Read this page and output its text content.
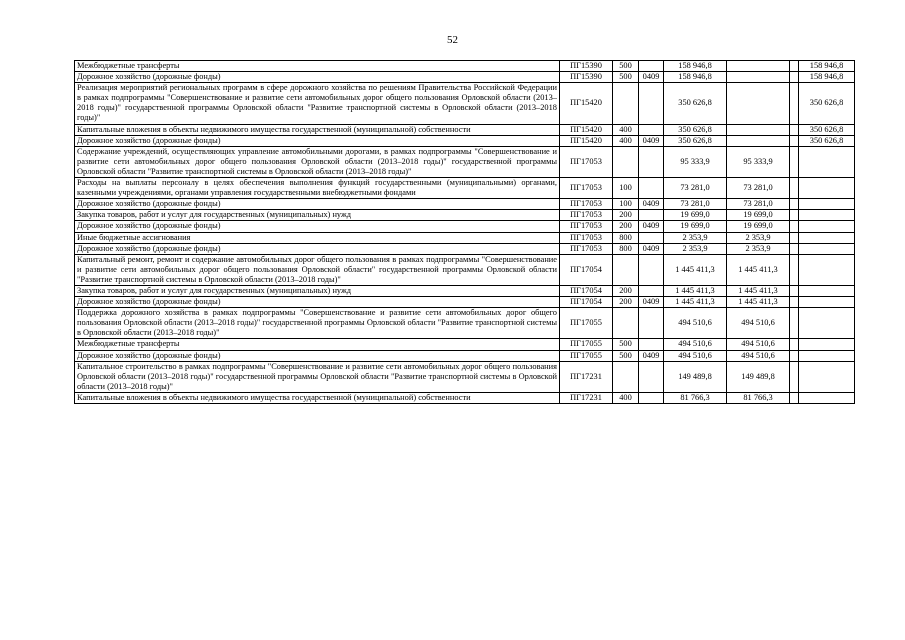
52
Межбюджетные трансферты	ПГ15390	500		158 946,8			158 946,8
Дорожное хозяйство (дорожные фонды)	ПГ15390	500	0409	158 946,8			158 946,8
Реализация мероприятий региональных программ в сфере дорожного хозяйства по решениям Правительства Российской Федерации в рамках подпрограммы "Совершенствование и развитие сети автомобильных дорог общего пользования Орловской области (2013–2018 годы)" государственной программы Орловской области "Развитие транспортной системы в Орловской области (2013–2018 годы)"	ПГ15420			350 626,8			350 626,8
Капитальные вложения в объекты недвижимого имущества государственной (муниципальной) собственности	ПГ15420	400		350 626,8			350 626,8
Дорожное хозяйство (дорожные фонды)	ПГ15420	400	0409	350 626,8			350 626,8
Содержание учреждений, осуществляющих управление автомобильными дорогами, в рамках подпрограммы "Совершенствование и развитие сети автомобильных дорог общего пользования Орловской области (2013–2018 годы)" государственной программы Орловской области "Развитие транспортной системы в Орловской области (2013–2018 годы)"	ПГ17053			95 333,9	95 333,9		
Расходы на выплаты персоналу в целях обеспечения выполнения функций государственными (муниципальными) органами, казенными учреждениями, органами управления государственными внебюджетными фондами	ПГ17053	100		73 281,0	73 281,0		
Дорожное хозяйство (дорожные фонды)	ПГ17053	100	0409	73 281,0	73 281,0		
Закупка товаров, работ и услуг для государственных (муниципальных) нужд	ПГ17053	200		19 699,0	19 699,0		
Дорожное хозяйство (дорожные фонды)	ПГ17053	200	0409	19 699,0	19 699,0		
Иные бюджетные ассигнования	ПГ17053	800		2 353,9	2 353,9		
Дорожное хозяйство (дорожные фонды)	ПГ17053	800	0409	2 353,9	2 353,9		
Капитальный ремонт, ремонт и содержание автомобильных дорог общего пользования в рамках подпрограммы "Совершенствование и развитие сети автомобильных дорог общего пользования Орловской области" государственной программы Орловской области "Развитие транспортной системы в Орловской области (2013–2018 годы)"	ПГ17054			1 445 411,3	1 445 411,3		
Закупка товаров, работ и услуг для государственных (муниципальных) нужд	ПГ17054	200		1 445 411,3	1 445 411,3		
Дорожное хозяйство (дорожные фонды)	ПГ17054	200	0409	1 445 411,3	1 445 411,3		
Поддержка дорожного хозяйства в рамках подпрограммы "Совершенствование и развитие сети автомобильных дорог общего пользования Орловской области (2013–2018 годы)" государственной программы Орловской области "Развитие транспортной системы в Орловской области (2013–2018 годы)"	ПГ17055			494 510,6	494 510,6		
Межбюджетные трансферты	ПГ17055	500		494 510,6	494 510,6		
Дорожное хозяйство (дорожные фонды)	ПГ17055	500	0409	494 510,6	494 510,6		
Капитальное строительство в рамках подпрограммы "Совершенствование и развитие сети автомобильных дорог общего пользования Орловской области (2013–2018 годы)" государственной программы Орловской области "Развитие транспортной системы в Орловской области (2013–2018 годы)"	ПГ17231			149 489,8	149 489,8		
Капитальные вложения в объекты недвижимого имущества государственной (муниципальной) собственности	ПГ17231	400		81 766,3	81 766,3		
